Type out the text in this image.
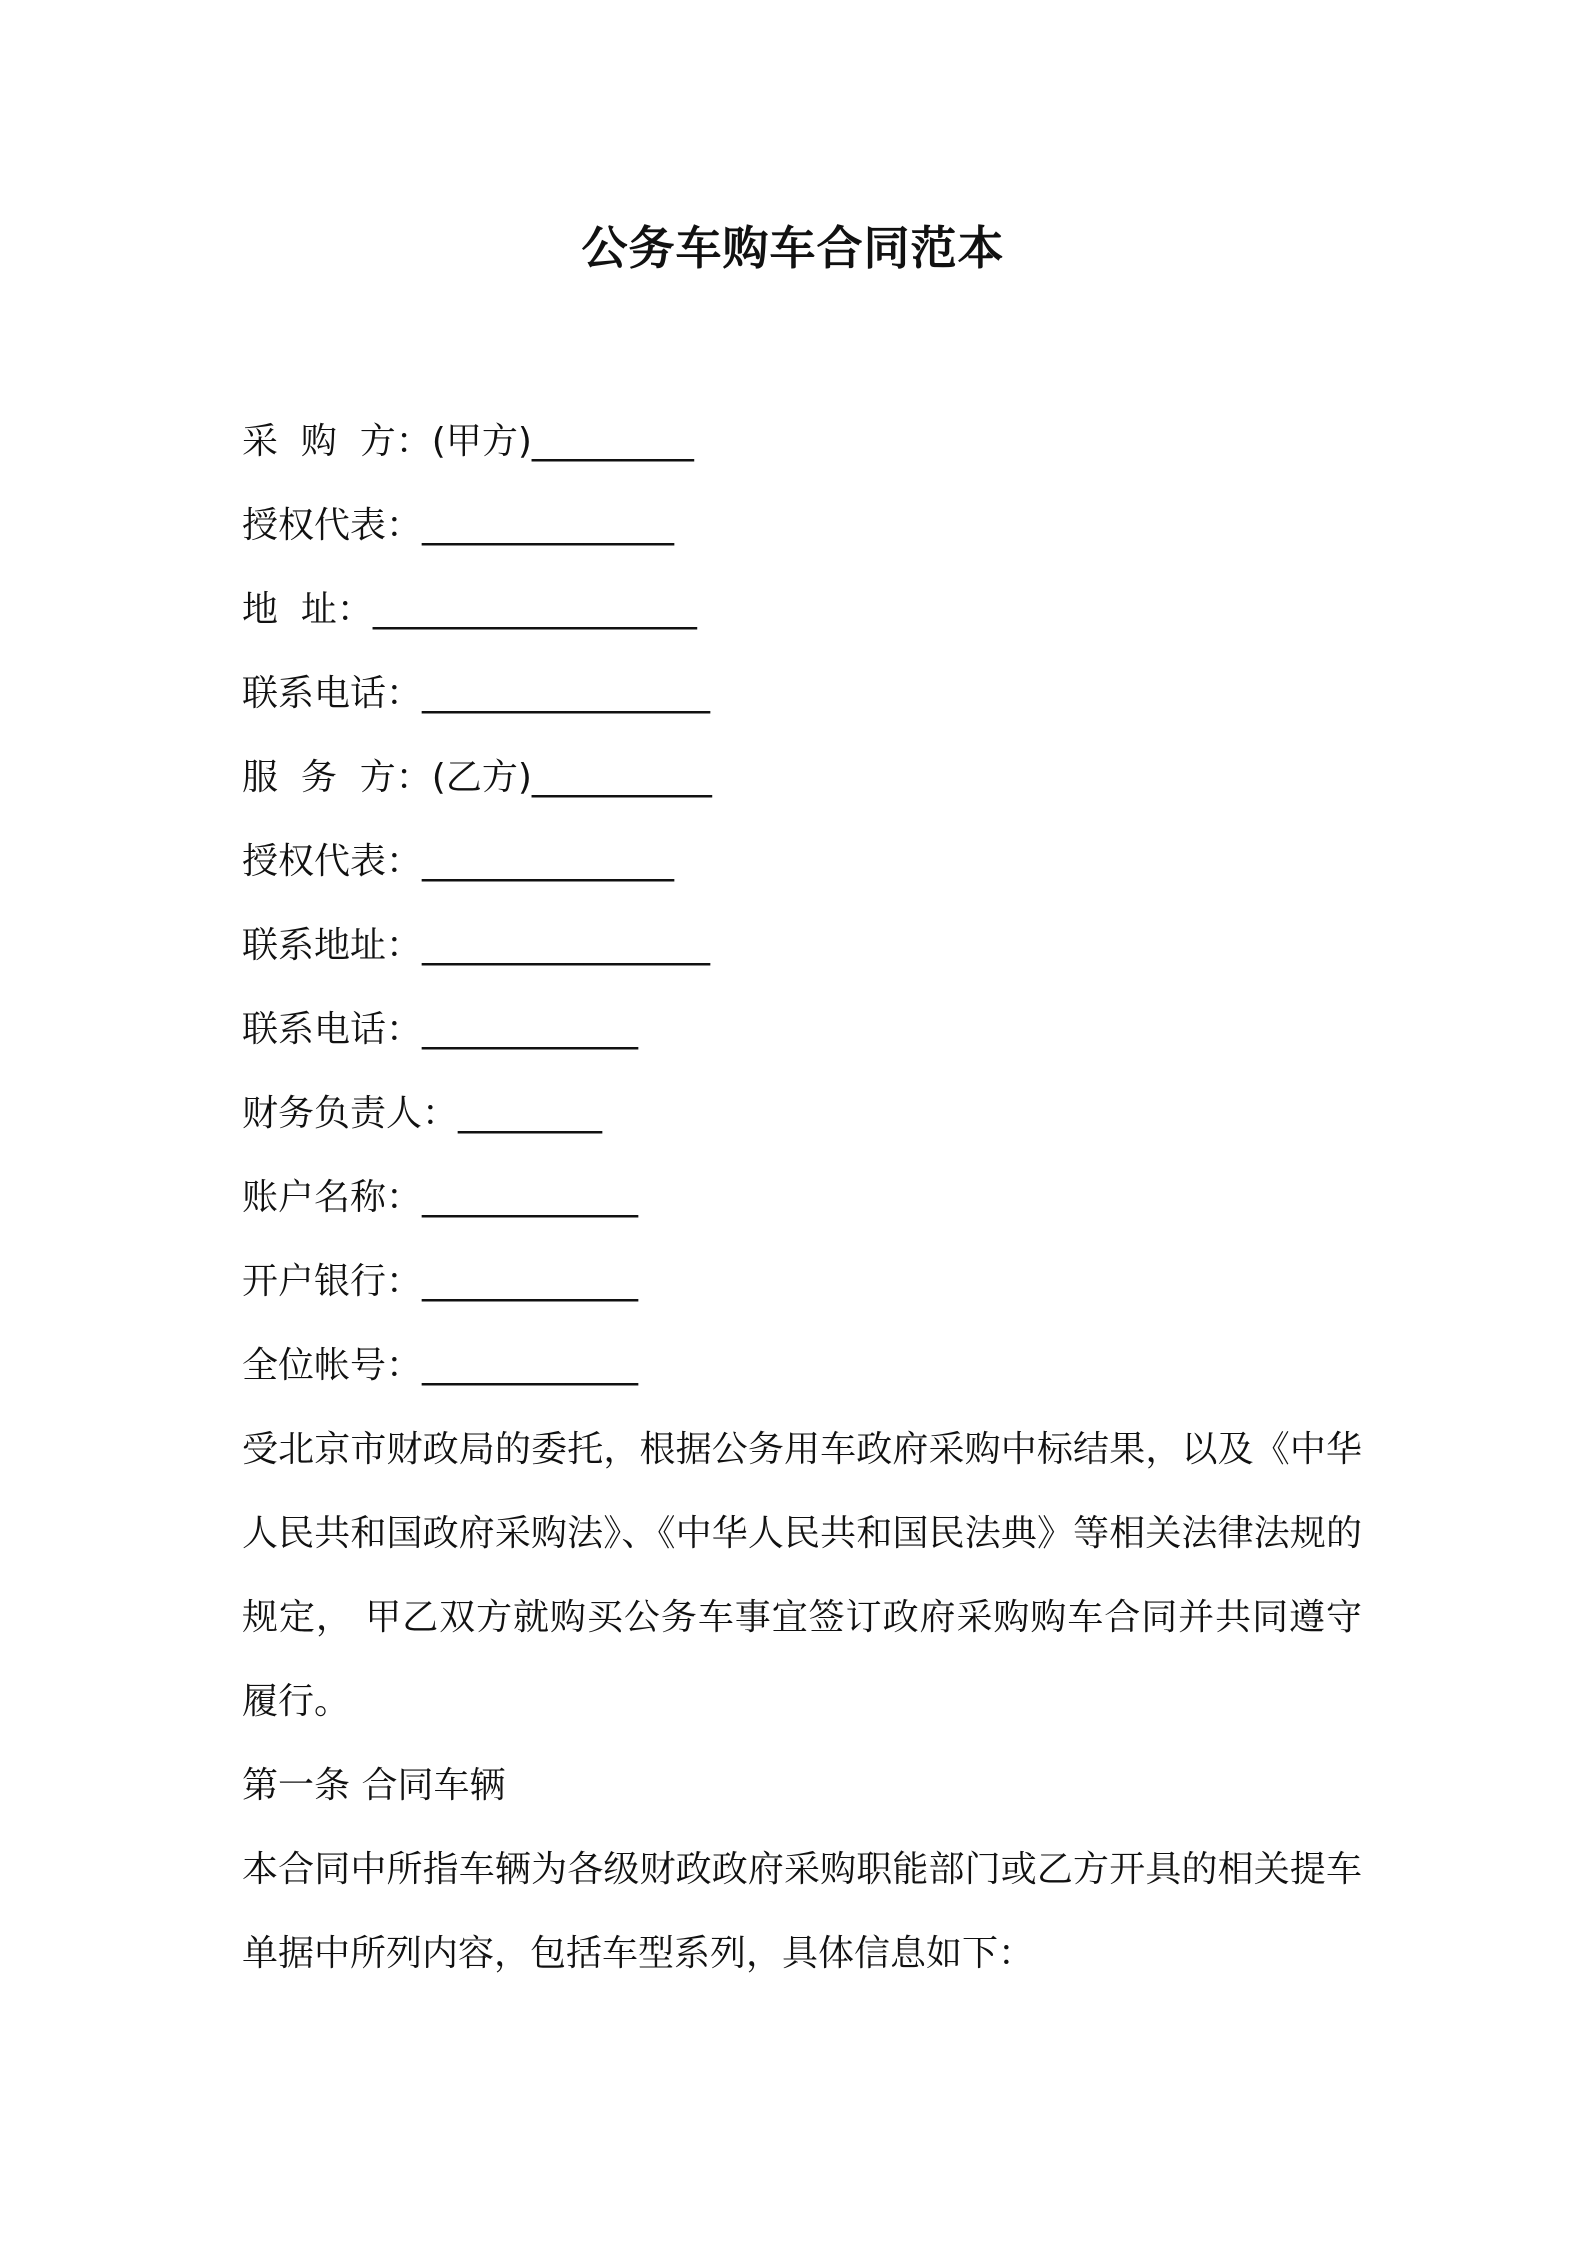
公务车购车合同范本
采  购  方：(甲方)_________
授权代表：______________
地  址：__________________
联系电话：________________
服  务  方：(乙方)__________
授权代表：______________
联系地址：________________
联系电话：____________
财务负责人：________
账户名称：____________
开户银行：____________
全位帐号：____________

受北京市财政局的委托，根据公务用车政府采购中标结果，以及《中华人民共和国政府采购法》、《中华人民共和国民法典》等相关法律法规的规定， 甲乙双方就购买公务车事宜签订政府采购购车合同并共同遵守履行。

第一条 合同车辆

本合同中所指车辆为各级财政政府采购职能部门或乙方开具的相关提车单据中所列内容，包括车型系列，具体信息如下：
